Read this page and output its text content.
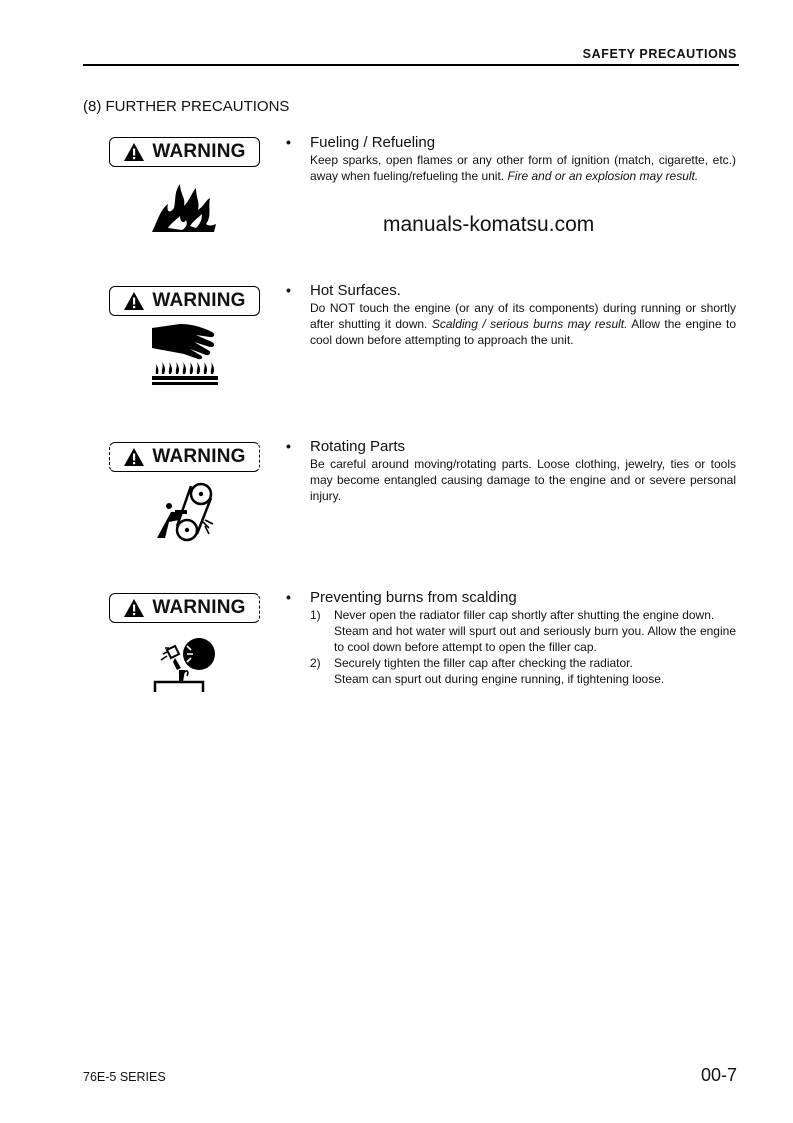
SAFETY PRECAUTIONS
(8) FURTHER PRECAUTIONS
manuals-komatsu.com
WARNING	• Fueling / Refueling
Keep sparks, open flames or any other form of ignition (match, cigarette, etc.) away when fueling/refueling the unit. Fire and or an explosion may result.
WARNING	• Hot Surfaces.
Do NOT touch the engine (or any of its components) during running or shortly after shutting it down. Scalding / serious burns may result. Allow the engine to cool down before attempting to approach the unit.
WARNING	• Rotating Parts
Be careful around moving/rotating parts. Loose clothing, jewelry, ties or tools may become entangled causing damage to the engine and or severe personal injury.
WARNING	• Preventing burns from scalding
1)	Never open the radiator filler cap shortly after shutting the engine down.
Steam and hot water will spurt out and seriously burn you. Allow the engine to cool down before attempt to open the filler cap.
2)	Securely tighten the filler cap after checking the radiator.
Steam can spurt out during engine running, if tightening loose.
76E-5 SERIES	00-7
